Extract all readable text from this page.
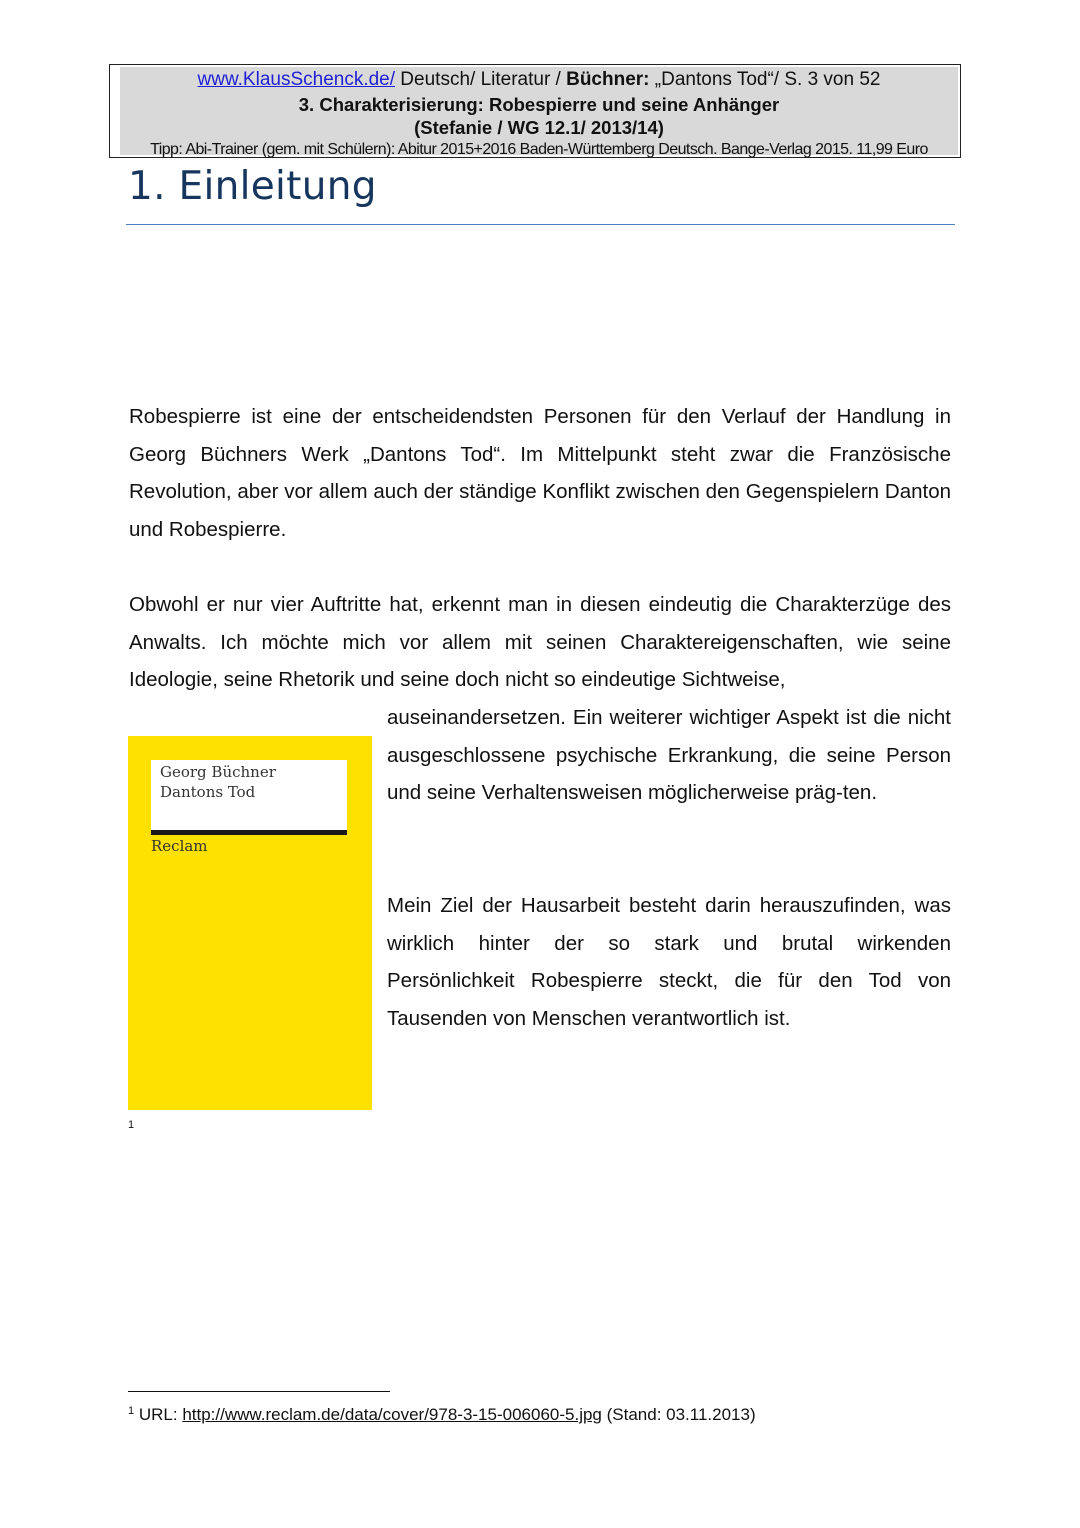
www.KlausSchenck.de/ Deutsch/ Literatur / Büchner: „Dantons Tod“/ S. 3 von 52
3. Charakterisierung: Robespierre und seine Anhänger
(Stefanie / WG 12.1/ 2013/14)
Tipp: Abi-Trainer (gem. mit Schülern): Abitur 2015+2016 Baden-Württemberg Deutsch. Bange-Verlag 2015. 11,99 Euro
1. Einleitung
Robespierre ist eine der entscheidendsten Personen für den Verlauf der Handlung in Georg Büchners Werk „Dantons Tod“. Im Mittelpunkt steht zwar die Französische Revolution, aber vor allem auch der ständige Konflikt zwischen den Gegenspielern Danton und Robespierre.
Obwohl er nur vier Auftritte hat, erkennt man in diesen eindeutig die Charakterzüge des Anwalts. Ich möchte mich vor allem mit seinen Charaktereigenschaften, wie seine Ideologie, seine Rhetorik und seine doch nicht so eindeutige Sichtweise,
auseinandersetzen. Ein weiterer wichtiger Aspekt ist die nicht ausgeschlossene psychische Erkrankung, die seine Person und seine Verhaltensweisen möglicherweise präg-ten.
Mein Ziel der Hausarbeit besteht darin herauszufinden, was wirklich hinter der so stark und brutal wirkenden Persönlichkeit Robespierre steckt, die für den Tod von Tausenden von Menschen verantwortlich ist.
Georg Büchner
Dantons Tod
Reclam
1
$^1$ URL: http://www.reclam.de/data/cover/978-3-15-006060-5.jpg (Stand: 03.11.2013)
